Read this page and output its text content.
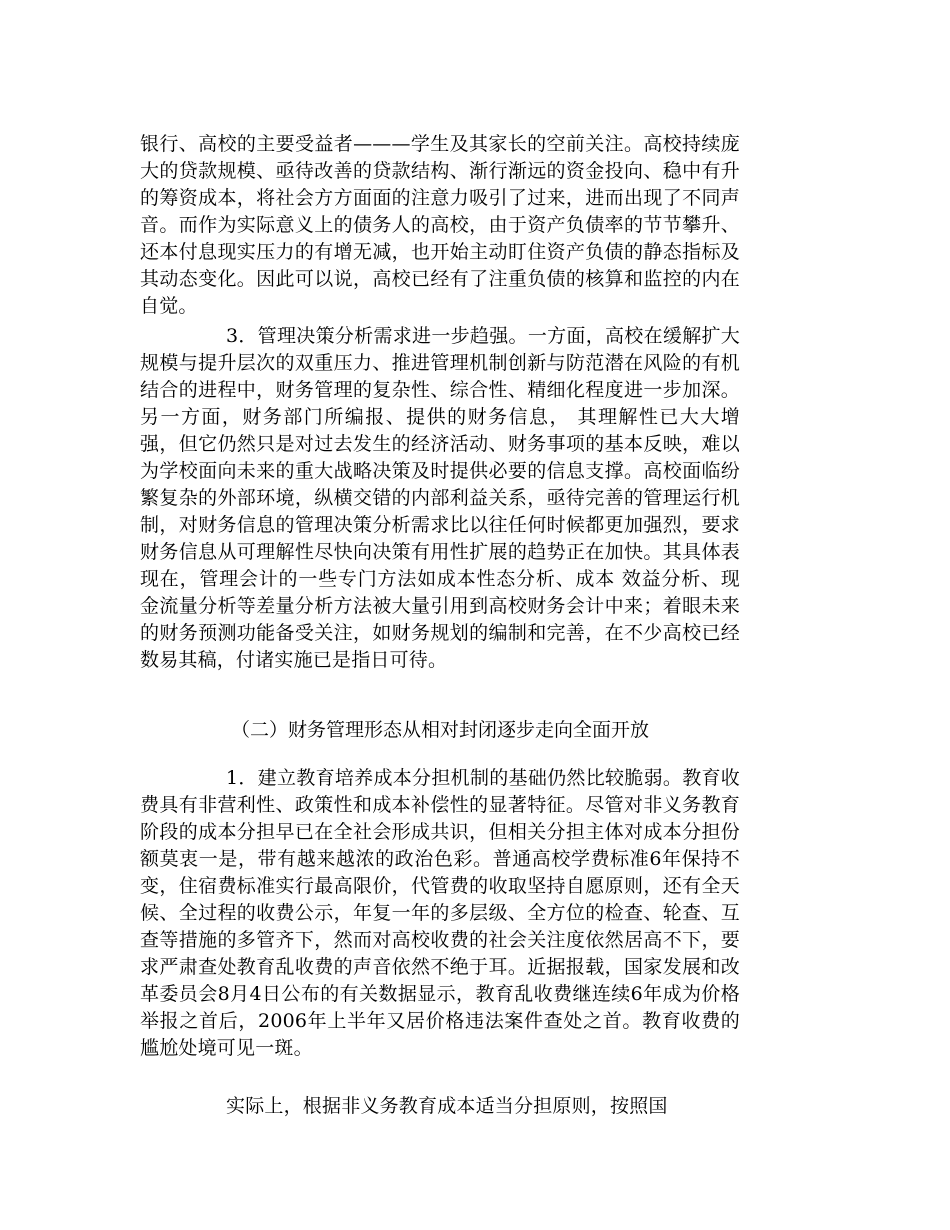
银行、高校的主要受益者———学生及其家长的空前关注。高校持续庞大的贷款规模、亟待改善的贷款结构、渐行渐远的资金投向、稳中有升的筹资成本，将社会方方面面的注意力吸引了过来，进而出现了不同声音。而作为实际意义上的债务人的高校，由于资产负债率的节节攀升、还本付息现实压力的有增无减，也开始主动盯住资产负债的静态指标及其动态变化。因此可以说，高校已经有了注重负债的核算和监控的内在自觉。

3．管理决策分析需求进一步趋强。一方面，高校在缓解扩大规模与提升层次的双重压力、推进管理机制创新与防范潜在风险的有机结合的进程中，财务管理的复杂性、综合性、精细化程度进一步加深。另一方面，财务部门所编报、提供的财务信息， 其理解性已大大增强，但它仍然只是对过去发生的经济活动、财务事项的基本反映，难以为学校面向未来的重大战略决策及时提供必要的信息支撑。高校面临纷繁复杂的外部环境，纵横交错的内部利益关系，亟待完善的管理运行机制，对财务信息的管理决策分析需求比以往任何时候都更加强烈，要求财务信息从可理解性尽快向决策有用性扩展的趋势正在加快。其具体表现在，管理会计的一些专门方法如成本性态分析、成本 效益分析、现金流量分析等差量分析方法被大量引用到高校财务会计中来；着眼未来的财务预测功能备受关注，如财务规划的编制和完善，在不少高校已经数易其稿，付诸实施已是指日可待。

（二）财务管理形态从相对封闭逐步走向全面开放

1．建立教育培养成本分担机制的基础仍然比较脆弱。教育收费具有非营利性、政策性和成本补偿性的显著特征。尽管对非义务教育阶段的成本分担早已在全社会形成共识，但相关分担主体对成本分担份额莫衷一是，带有越来越浓的政治色彩。普通高校学费标准6年保持不变，住宿费标准实行最高限价，代管费的收取坚持自愿原则，还有全天候、全过程的收费公示，年复一年的多层级、全方位的检查、轮查、互查等措施的多管齐下，然而对高校收费的社会关注度依然居高不下，要求严肃查处教育乱收费的声音依然不绝于耳。近据报载，国家发展和改革委员会8月4日公布的有关数据显示，教育乱收费继连续6年成为价格举报之首后，2006年上半年又居价格违法案件查处之首。教育收费的尴尬处境可见一斑。

实际上，根据非义务教育成本适当分担原则，按照国
